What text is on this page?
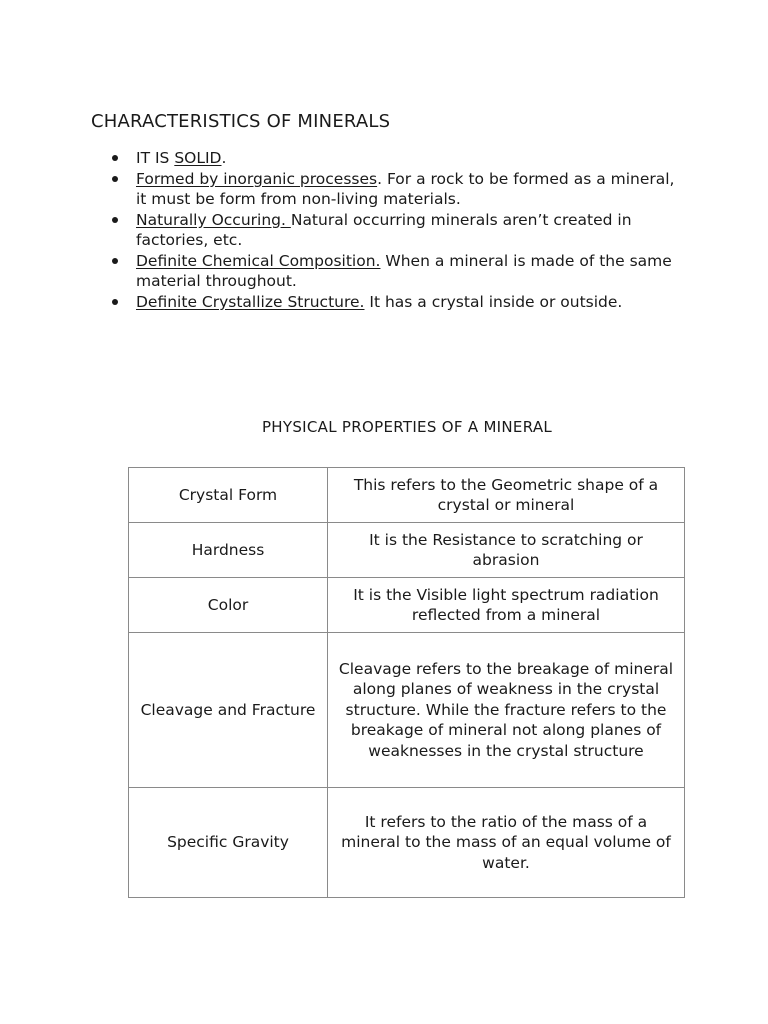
CHARACTERISTICS OF MINERALS
IT IS SOLID.
Formed by inorganic processes. For a rock to be formed as a mineral, it must be form from non-living materials.
Naturally Occuring. Natural occurring minerals aren’t created in factories, etc.
Definite Chemical Composition. When a mineral is made of the same material throughout.
Definite Crystallize Structure. It has a crystal inside or outside.
PHYSICAL PROPERTIES OF A MINERAL
Crystal Form	This refers to the Geometric shape of a crystal or mineral
Hardness	It is the Resistance to scratching or abrasion
Color	It is the Visible light spectrum radiation reflected from a mineral
Cleavage and Fracture	Cleavage refers to the breakage of mineral along planes of weakness in the crystal structure. While the fracture refers to the breakage of mineral not along planes of weaknesses in the crystal structure
Specific Gravity	It refers to the ratio of the mass of a mineral to the mass of an equal volume of water.
